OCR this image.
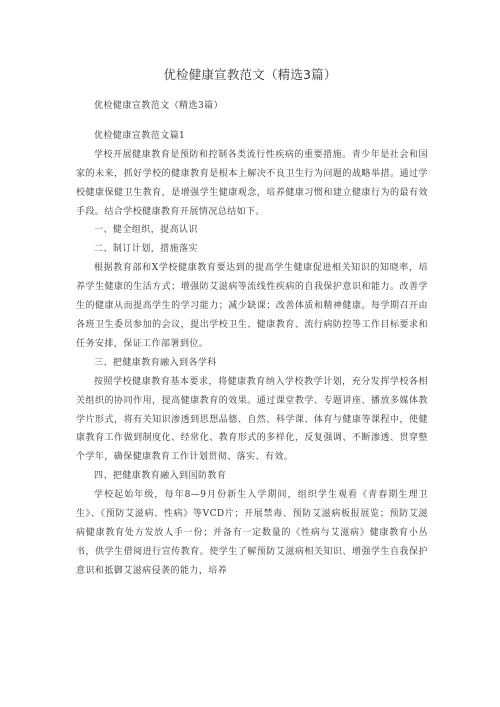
优检健康宣教范文（精选3篇）

优检健康宣教范文（精选3篇）

优检健康宣教范文篇1

学校开展健康教育是预防和控制各类流行性疾病的重要措施。青少年是社会和国家的未来，抓好学校的健康教育是根本上解决不良卫生行为问题的战略举措。通过学校健康保健卫生教育，是增强学生健康观念，培养健康习惯和建立健康行为的最有效手段。结合学校健康教育开展情况总结如下。

一、健全组织，提高认识

二、制订计划，措施落实

根据教育部和X学校健康教育要达到的提高学生健康促进相关知识的知晓率，培养学生健康的生活方式；增强防艾滋病等流线性疾病的自我保护意识和能力。改善学生的健康从而提高学生的学习能力；减少缺课；改善体质和精神健康。每学期召开由各班卫生委员参加的会议，提出学校卫生、健康教育、流行病防控等工作目标要求和任务安排，保证工作部署到位。

三、把健康教育融入到各学科

按照学校健康教育基本要求，将健康教育纳入学校教学计划，充分发挥学校各相关组织的协同作用，提高健康教育的效果。通过课堂教学、专题讲座、播放多媒体教学片形式，将有关知识渗透到思想品德、自然、科学课、体育与健康等课程中，使健康教育工作做到制度化、经常化、教育形式的多样化，反复强调、不断渗透、贯穿整个学年，确保健康教育工作计划贯彻、落实、有效。

四、把健康教育融入到国防教育

学校起始年级，每年8—9月份新生入学期间，组织学生观看《青春期生理卫生》、《预防艾滋病、性病》等VCD片；开展禁毒、预防艾滋病板报展览；预防艾滋病健康教育处方发放人手一份；并备有一定数量的《性病与艾滋病》健康教育小丛书，供学生借阅进行宣传教育。使学生了解预防艾滋病相关知识、增强学生自我保护意识和抵御艾滋病侵袭的能力，培养
